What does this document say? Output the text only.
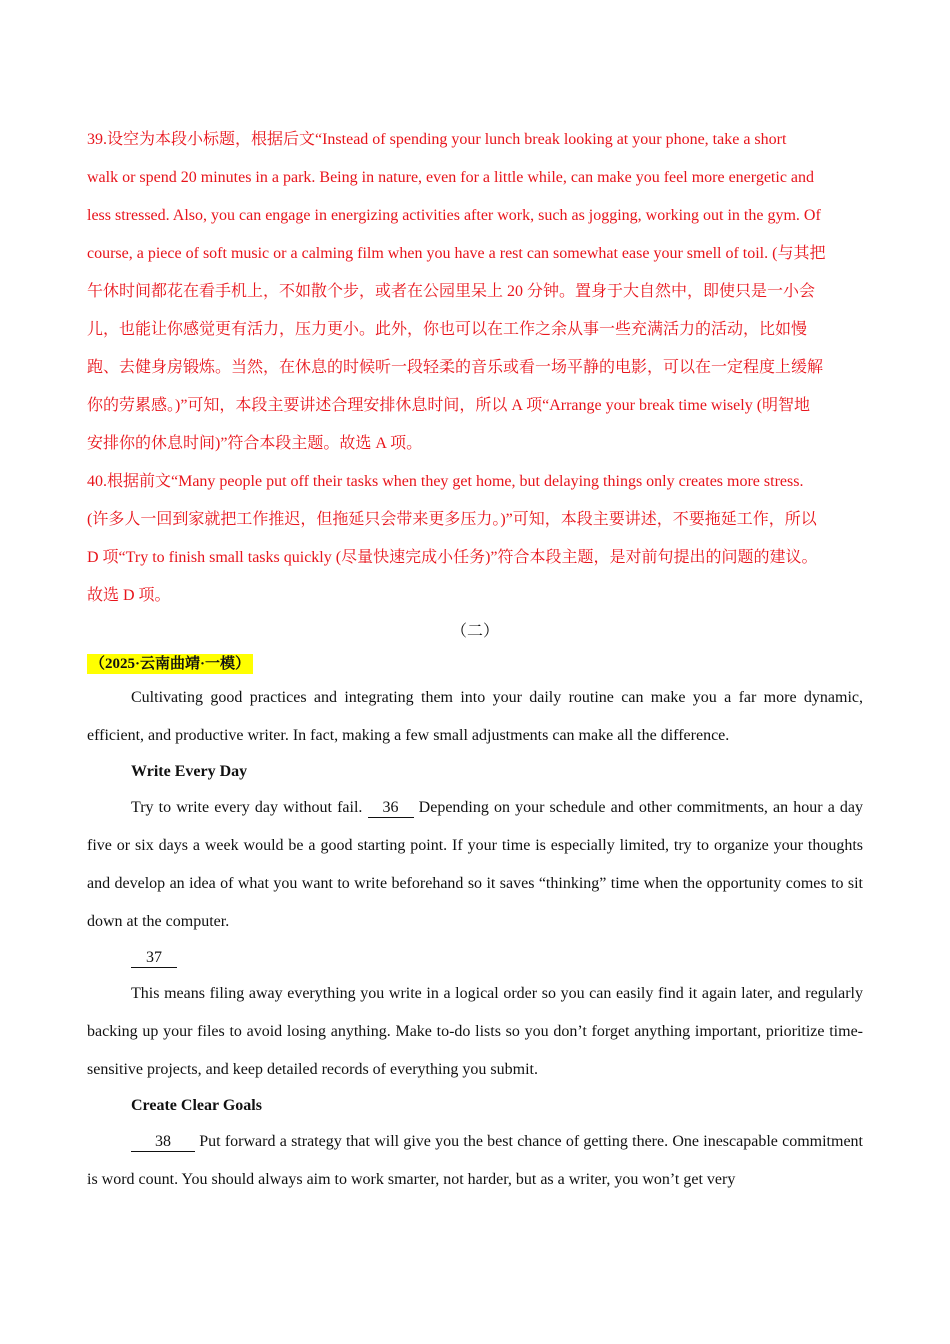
39.设空为本段小标题，根据后文“Instead of spending your lunch break looking at your phone, take a short

walk or spend 20 minutes in a park. Being in nature, even for a little while, can make you feel more energetic and

less stressed. Also, you can engage in energizing activities after work, such as jogging, working out in the gym. Of

course, a piece of soft music or a calming film when you have a rest can somewhat ease your smell of toil. (与其把

午休时间都花在看手机上，不如散个步，或者在公园里呆上 20 分钟。置身于大自然中，即使只是一小会

儿，也能让你感觉更有活力，压力更小。此外，你也可以在工作之余从事一些充满活力的活动，比如慢

跑、去健身房锻炼。当然，在休息的时候听一段轻柔的音乐或看一场平静的电影，可以在一定程度上缓解

你的劳累感。)”可知，本段主要讲述合理安排休息时间，所以 A 项“Arrange your break time wisely (明智地

安排你的休息时间)”符合本段主题。故选 A 项。

40.根据前文“Many people put off their tasks when they get home, but delaying things only creates more stress.

(许多人一回到家就把工作推迟，但拖延只会带来更多压力。)”可知，本段主要讲述，不要拖延工作，所以

D 项“Try to finish small tasks quickly (尽量快速完成小任务)”符合本段主题，是对前句提出的问题的建议。

故选 D 项。

（二）

（2025·云南曲靖·一模）

Cultivating good practices and integrating them into your daily routine can make you a far more dynamic, efficient, and productive writer. In fact, making a few small adjustments can make all the difference.

Write Every Day

Try to write every day without fail. 36 Depending on your schedule and other commitments, an hour a day five or six days a week would be a good starting point. If your time is especially limited, try to organize your thoughts and develop an idea of what you want to write beforehand so it saves “thinking” time when the opportunity comes to sit down at the computer.

37

This means filing away everything you write in a logical order so you can easily find it again later, and regularly backing up your files to avoid losing anything. Make to-do lists so you don’t forget anything important, prioritize time-sensitive projects, and keep detailed records of everything you submit.

Create Clear Goals

38 Put forward a strategy that will give you the best chance of getting there. One inescapable commitment is word count. You should always aim to work smarter, not harder, but as a writer, you won’t get very
